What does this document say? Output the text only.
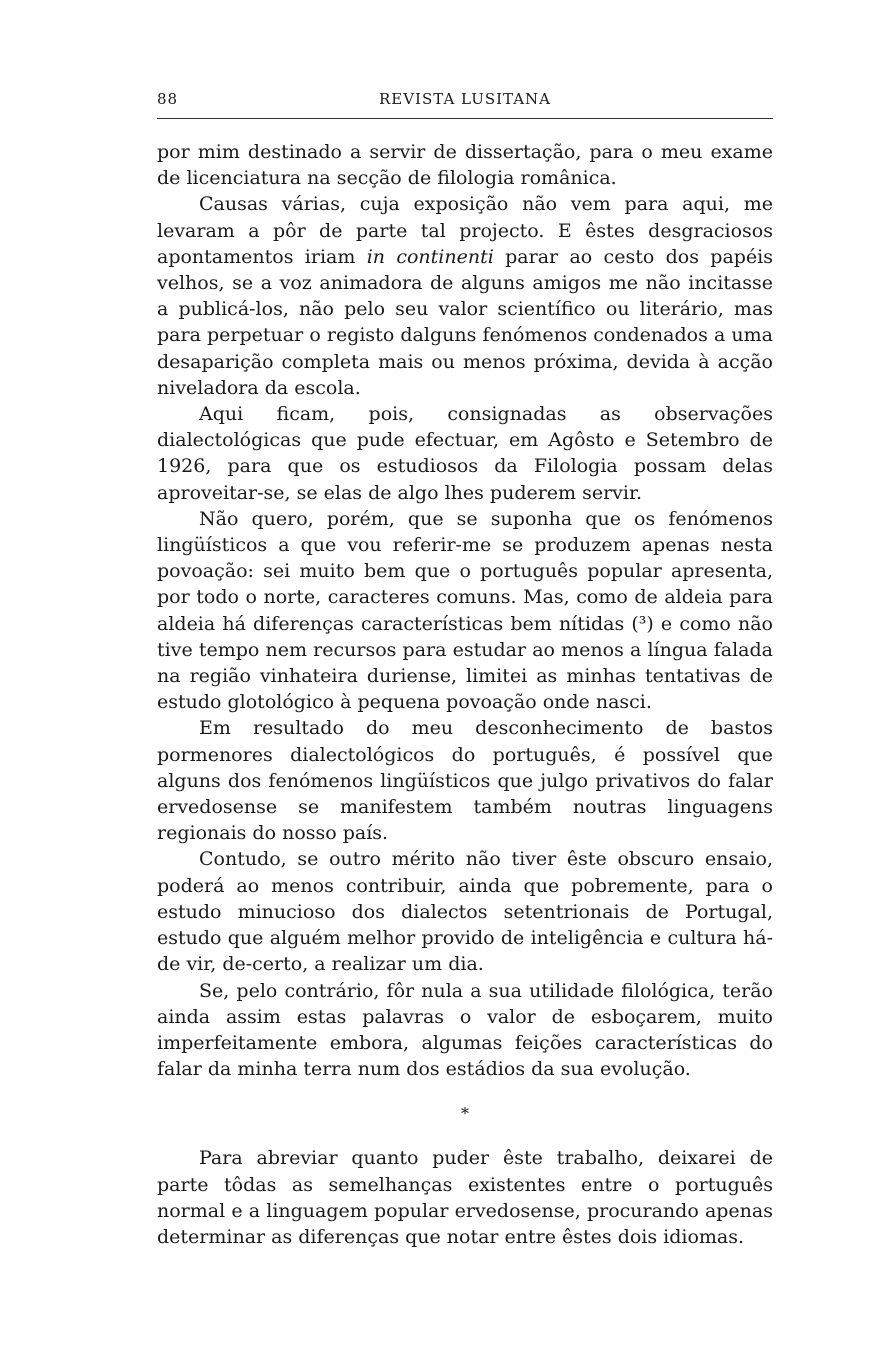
88	REVISTA LUSITANA

por mim destinado a servir de dissertação, para o meu exame de licenciatura na secção de filologia românica.

Causas várias, cuja exposição não vem para aqui, me levaram a pôr de parte tal projecto. E êstes desgraciosos apontamentos iriam in continenti parar ao cesto dos papéis velhos, se a voz animadora de alguns amigos me não incitasse a publicá-los, não pelo seu valor scientífico ou literário, mas para perpetuar o registo dalguns fenómenos condenados a uma desaparição completa mais ou menos próxima, devida à acção niveladora da escola.

Aqui ficam, pois, consignadas as observações dialectológicas que pude efectuar, em Agôsto e Setembro de 1926, para que os estudiosos da Filologia possam delas aproveitar-se, se elas de algo lhes puderem servir.

Não quero, porém, que se suponha que os fenómenos lingüísticos a que vou referir-me se produzem apenas nesta povoação: sei muito bem que o português popular apresenta, por todo o norte, caracteres comuns. Mas, como de aldeia para aldeia há diferenças características bem nítidas (³) e como não tive tempo nem recursos para estudar ao menos a língua falada na região vinhateira duriense, limitei as minhas tentativas de estudo glotológico à pequena povoação onde nasci.

Em resultado do meu desconhecimento de bastos pormenores dialectológicos do português, é possível que alguns dos fenómenos lingüísticos que julgo privativos do falar ervedosense se manifestem também noutras linguagens regionais do nosso país.

Contudo, se outro mérito não tiver êste obscuro ensaio, poderá ao menos contribuir, ainda que pobremente, para o estudo minucioso dos dialectos setentrionais de Portugal, estudo que alguém melhor provido de inteligência e cultura há-de vir, de-certo, a realizar um dia.

Se, pelo contrário, fôr nula a sua utilidade filológica, terão ainda assim estas palavras o valor de esboçarem, muito imperfeitamente embora, algumas feições características do falar da minha terra num dos estádios da sua evolução.

*

Para abreviar quanto puder êste trabalho, deixarei de parte tôdas as semelhanças existentes entre o português normal e a linguagem popular ervedosense, procurando apenas determinar as diferenças que notar entre êstes dois idiomas.
